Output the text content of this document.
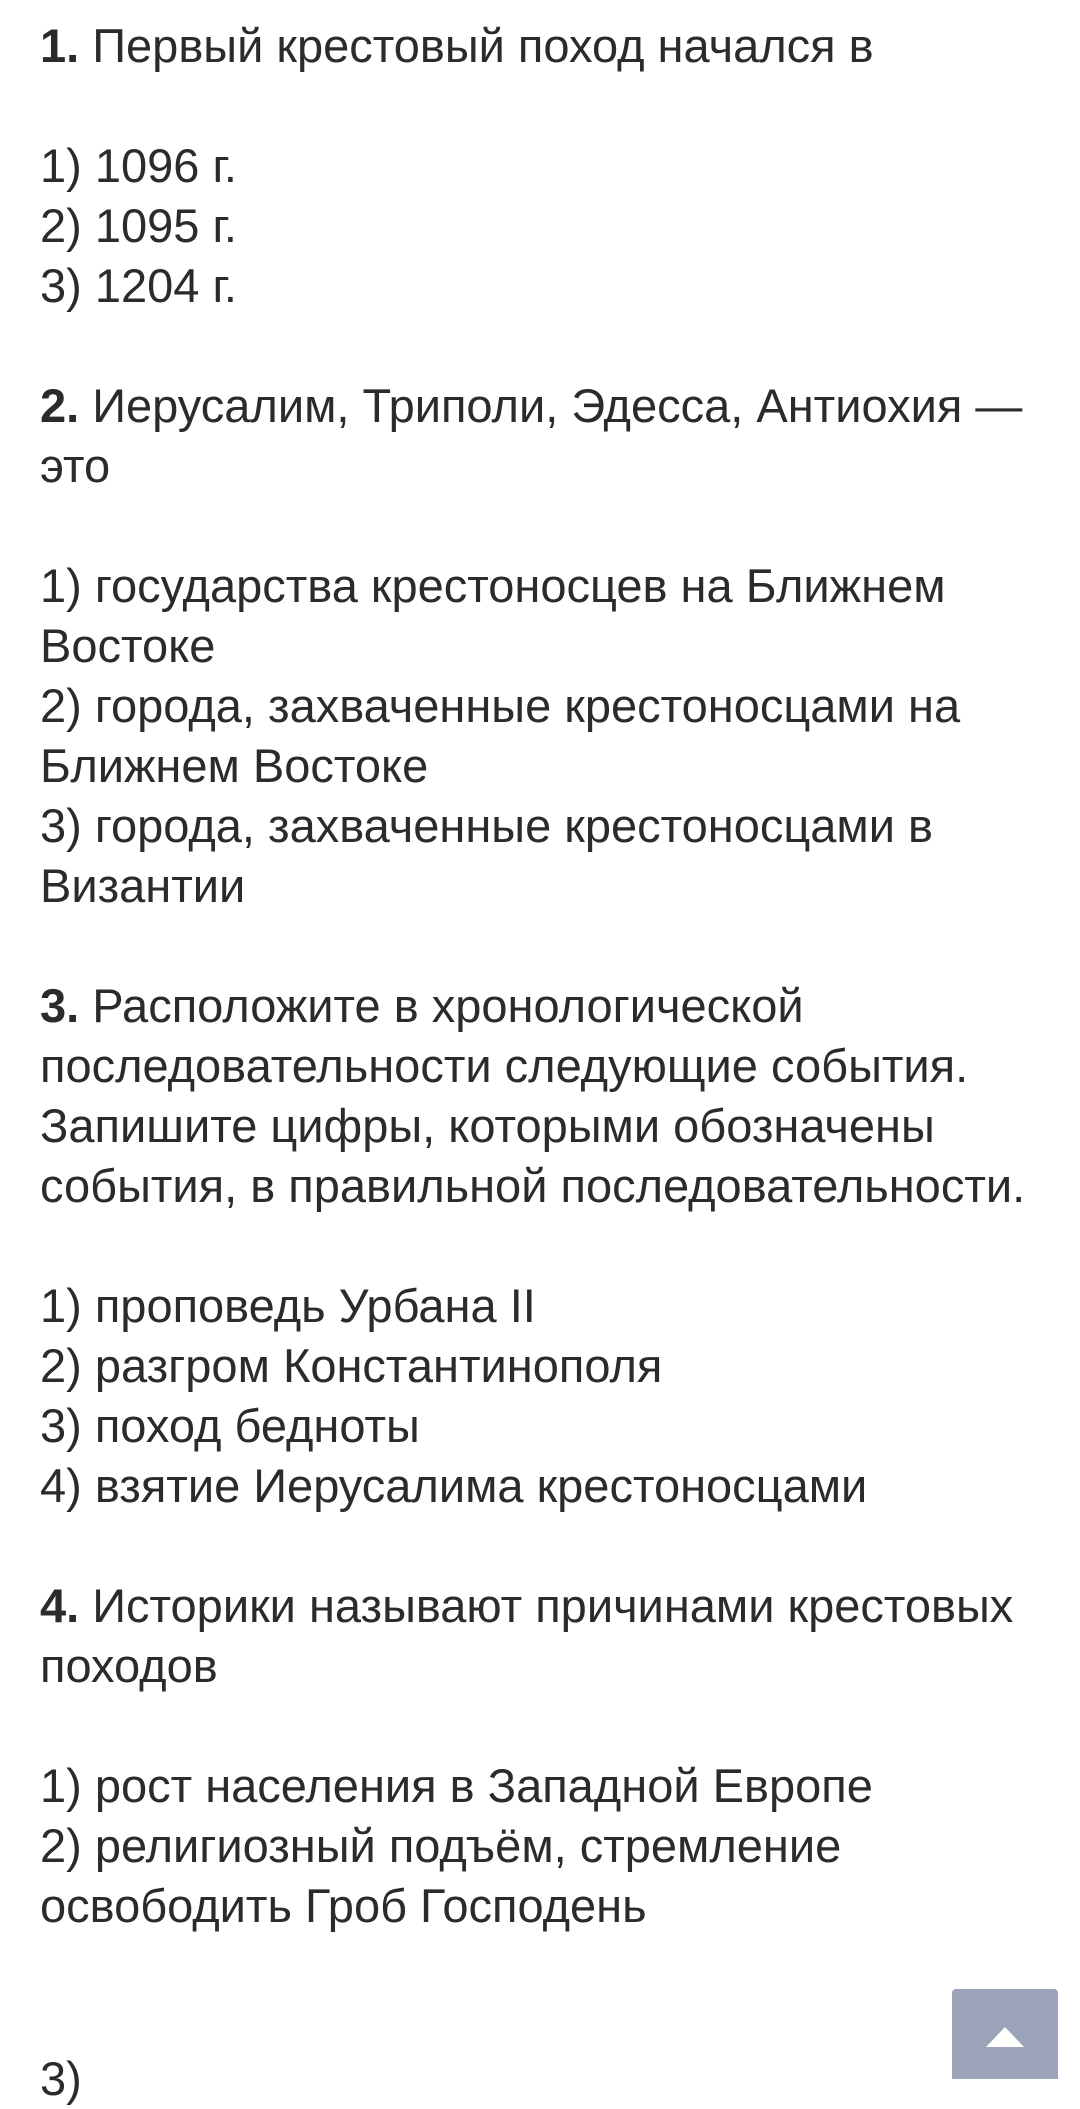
1. Первый крестовый поход начался в

1) 1096 г.
2) 1095 г.
3) 1204 г.

2. Иерусалим, Триполи, Эдесса, Антиохия — это

1) государства крестоносцев на Ближнем Востоке
2) города, захваченные крестоносцами на Ближнем Востоке
3) города, захваченные крестоносцами в Византии

3. Расположите в хронологической последовательности следующие события. Запишите цифры, которыми обозначены события, в правильной последовательности.

1) проповедь Урбана II
2) разгром Константинополя
3) поход бедноты
4) взятие Иерусалима крестоносцами

4. Историки называют причинами крестовых походов

1) рост населения в Западной Европе
2) религиозный подъём, стремление освободить Гроб Господень
3)
